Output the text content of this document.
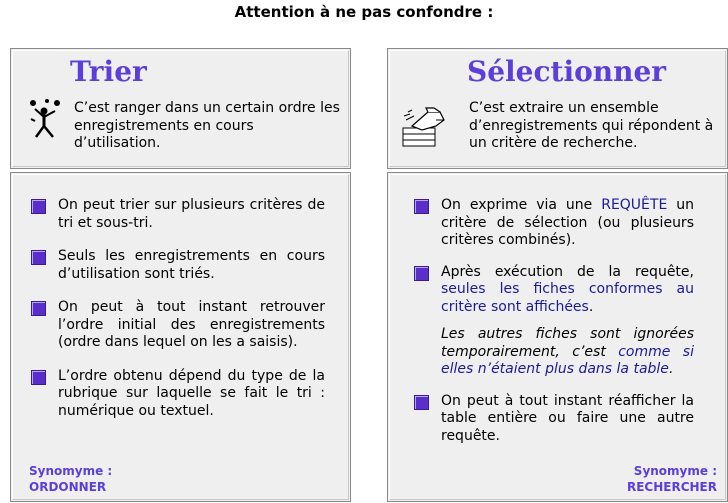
Attention à ne pas confondre :
Trier

C’est ranger dans un certain ordre les enregistrements en cours d’utilisation.

On peut trier sur plusieurs critères de tri et sous-tri.
Seuls les enregistrements en cours d’utilisation sont triés.
On peut à tout instant retrouver l’ordre initial des enregistrements (ordre dans lequel on les a saisis).
L’ordre obtenu dépend du type de la rubrique sur laquelle se fait le tri : numérique ou textuel.
Synomyme :
ORDONNER
Sélectionner

C’est extraire un ensemble d’enregistrements qui répondent à un critère de recherche.

On exprime via une REQUÊTE un critère de sélection (ou plusieurs critères combinés).
Après exécution de la requête, seules les fiches conformes au critère sont affichées.
Les autres fiches sont ignorées temporairement, c’est comme si elles n’étaient plus dans la table.
On peut à tout instant réafficher la table entière ou faire une autre requête.
Synomyme :
RECHERCHER
